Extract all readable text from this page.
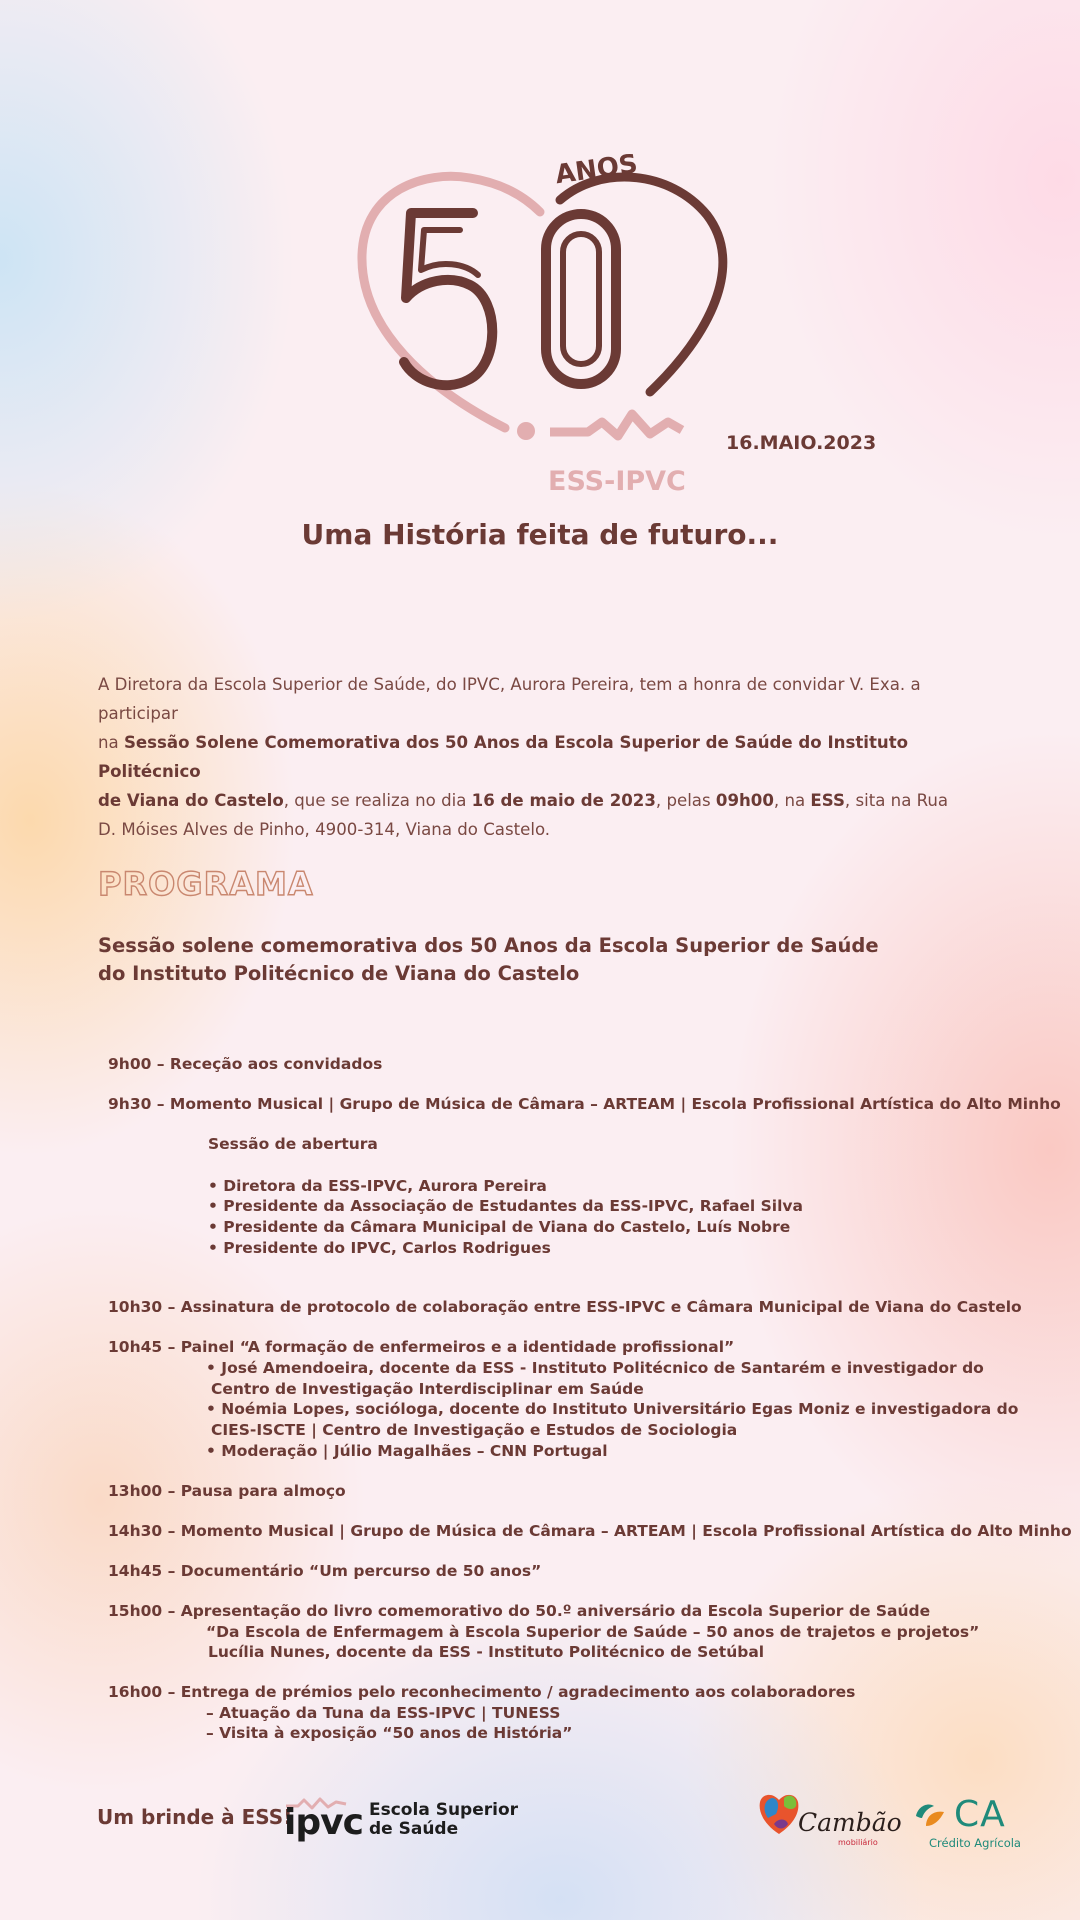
ANOS
ESS-IPVC
16.MAIO.2023
Uma História feita de futuro...
A Diretora da Escola Superior de Saúde, do IPVC, Aurora Pereira, tem a honra de convidar V. Exa. a participar
na Sessão Solene Comemorativa dos 50 Anos da Escola Superior de Saúde do Instituto Politécnico
de Viana do Castelo, que se realiza no dia 16 de maio de 2023, pelas 09h00, na ESS, sita na Rua
D. Móises Alves de Pinho, 4900-314, Viana do Castelo.
PROGRAMA
Sessão solene comemorativa dos 50 Anos da Escola Superior de Saúde
do Instituto Politécnico de Viana do Castelo
9h00 – Receção aos convidados
9h30 – Momento Musical | Grupo de Música de Câmara – ARTEAM | Escola Profissional Artística do Alto Minho
Sessão de abertura
• Diretora da ESS-IPVC, Aurora Pereira
• Presidente da Associação de Estudantes da ESS-IPVC, Rafael Silva
• Presidente da Câmara Municipal de Viana do Castelo, Luís Nobre
• Presidente do IPVC, Carlos Rodrigues
10h30 – Assinatura de protocolo de colaboração entre ESS-IPVC e Câmara Municipal de Viana do Castelo
10h45 – Painel “A formação de enfermeiros e a identidade profissional”
• José Amendoeira, docente da ESS - Instituto Politécnico de Santarém e investigador do
Centro de Investigação Interdisciplinar em Saúde
• Noémia Lopes, socióloga, docente do Instituto Universitário Egas Moniz e investigadora do
CIES-ISCTE | Centro de Investigação e Estudos de Sociologia
• Moderação | Júlio Magalhães – CNN Portugal
13h00 – Pausa para almoço
14h30 – Momento Musical | Grupo de Música de Câmara – ARTEAM | Escola Profissional Artística do Alto Minho
14h45 – Documentário “Um percurso de 50 anos”
15h00 – Apresentação do livro comemorativo do 50.º aniversário da Escola Superior de Saúde
“Da Escola de Enfermagem à Escola Superior de Saúde – 50 anos de trajetos e projetos”
Lucília Nunes, docente da ESS - Instituto Politécnico de Setúbal
16h00 – Entrega de prémios pelo reconhecimento / agradecimento aos colaboradores
– Atuação da Tuna da ESS-IPVC | TUNESS
– Visita à exposição “50 anos de História”
Um brinde à ESS!
ipvc Escola Superior
de Saúde	Cambão
mobiliário
CA
Crédito Agrícola
